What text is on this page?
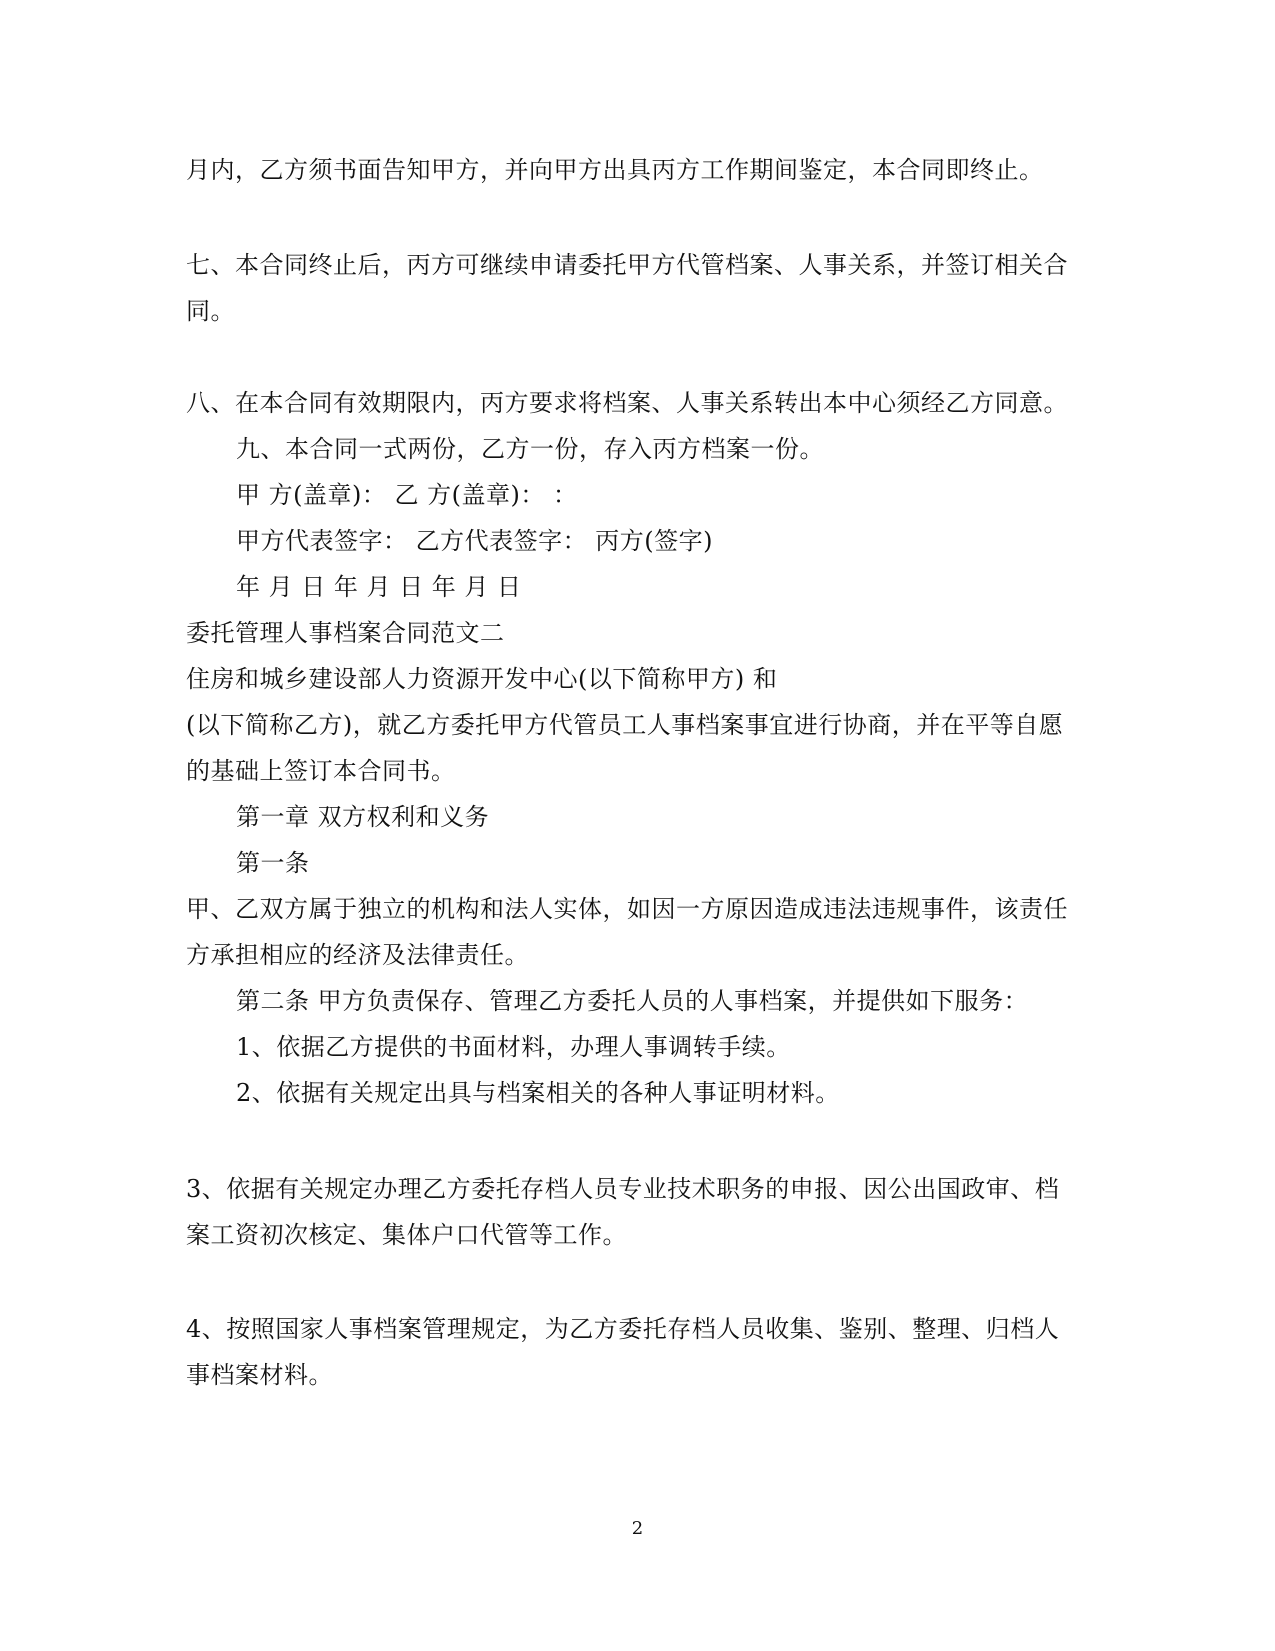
月内，乙方须书面告知甲方，并向甲方出具丙方工作期间鉴定，本合同即终止。
七、本合同终止后，丙方可继续申请委托甲方代管档案、人事关系，并签订相关合
同。
八、在本合同有效期限内，丙方要求将档案、人事关系转出本中心须经乙方同意。
九、本合同一式两份，乙方一份，存入丙方档案一份。
甲 方(盖章)： 乙 方(盖章)： ：
甲方代表签字： 乙方代表签字： 丙方(签字)
年 月 日 年 月 日 年 月 日
委托管理人事档案合同范文二
住房和城乡建设部人力资源开发中心(以下简称甲方) 和
(以下简称乙方)，就乙方委托甲方代管员工人事档案事宜进行协商，并在平等自愿
的基础上签订本合同书。
第一章 双方权利和义务
第一条
甲、乙双方属于独立的机构和法人实体，如因一方原因造成违法违规事件，该责任
方承担相应的经济及法律责任。
第二条 甲方负责保存、管理乙方委托人员的人事档案，并提供如下服务：
1、依据乙方提供的书面材料，办理人事调转手续。
2、依据有关规定出具与档案相关的各种人事证明材料。
3、依据有关规定办理乙方委托存档人员专业技术职务的申报、因公出国政审、档
案工资初次核定、集体户口代管等工作。
4、按照国家人事档案管理规定，为乙方委托存档人员收集、鉴别、整理、归档人
事档案材料。
2
